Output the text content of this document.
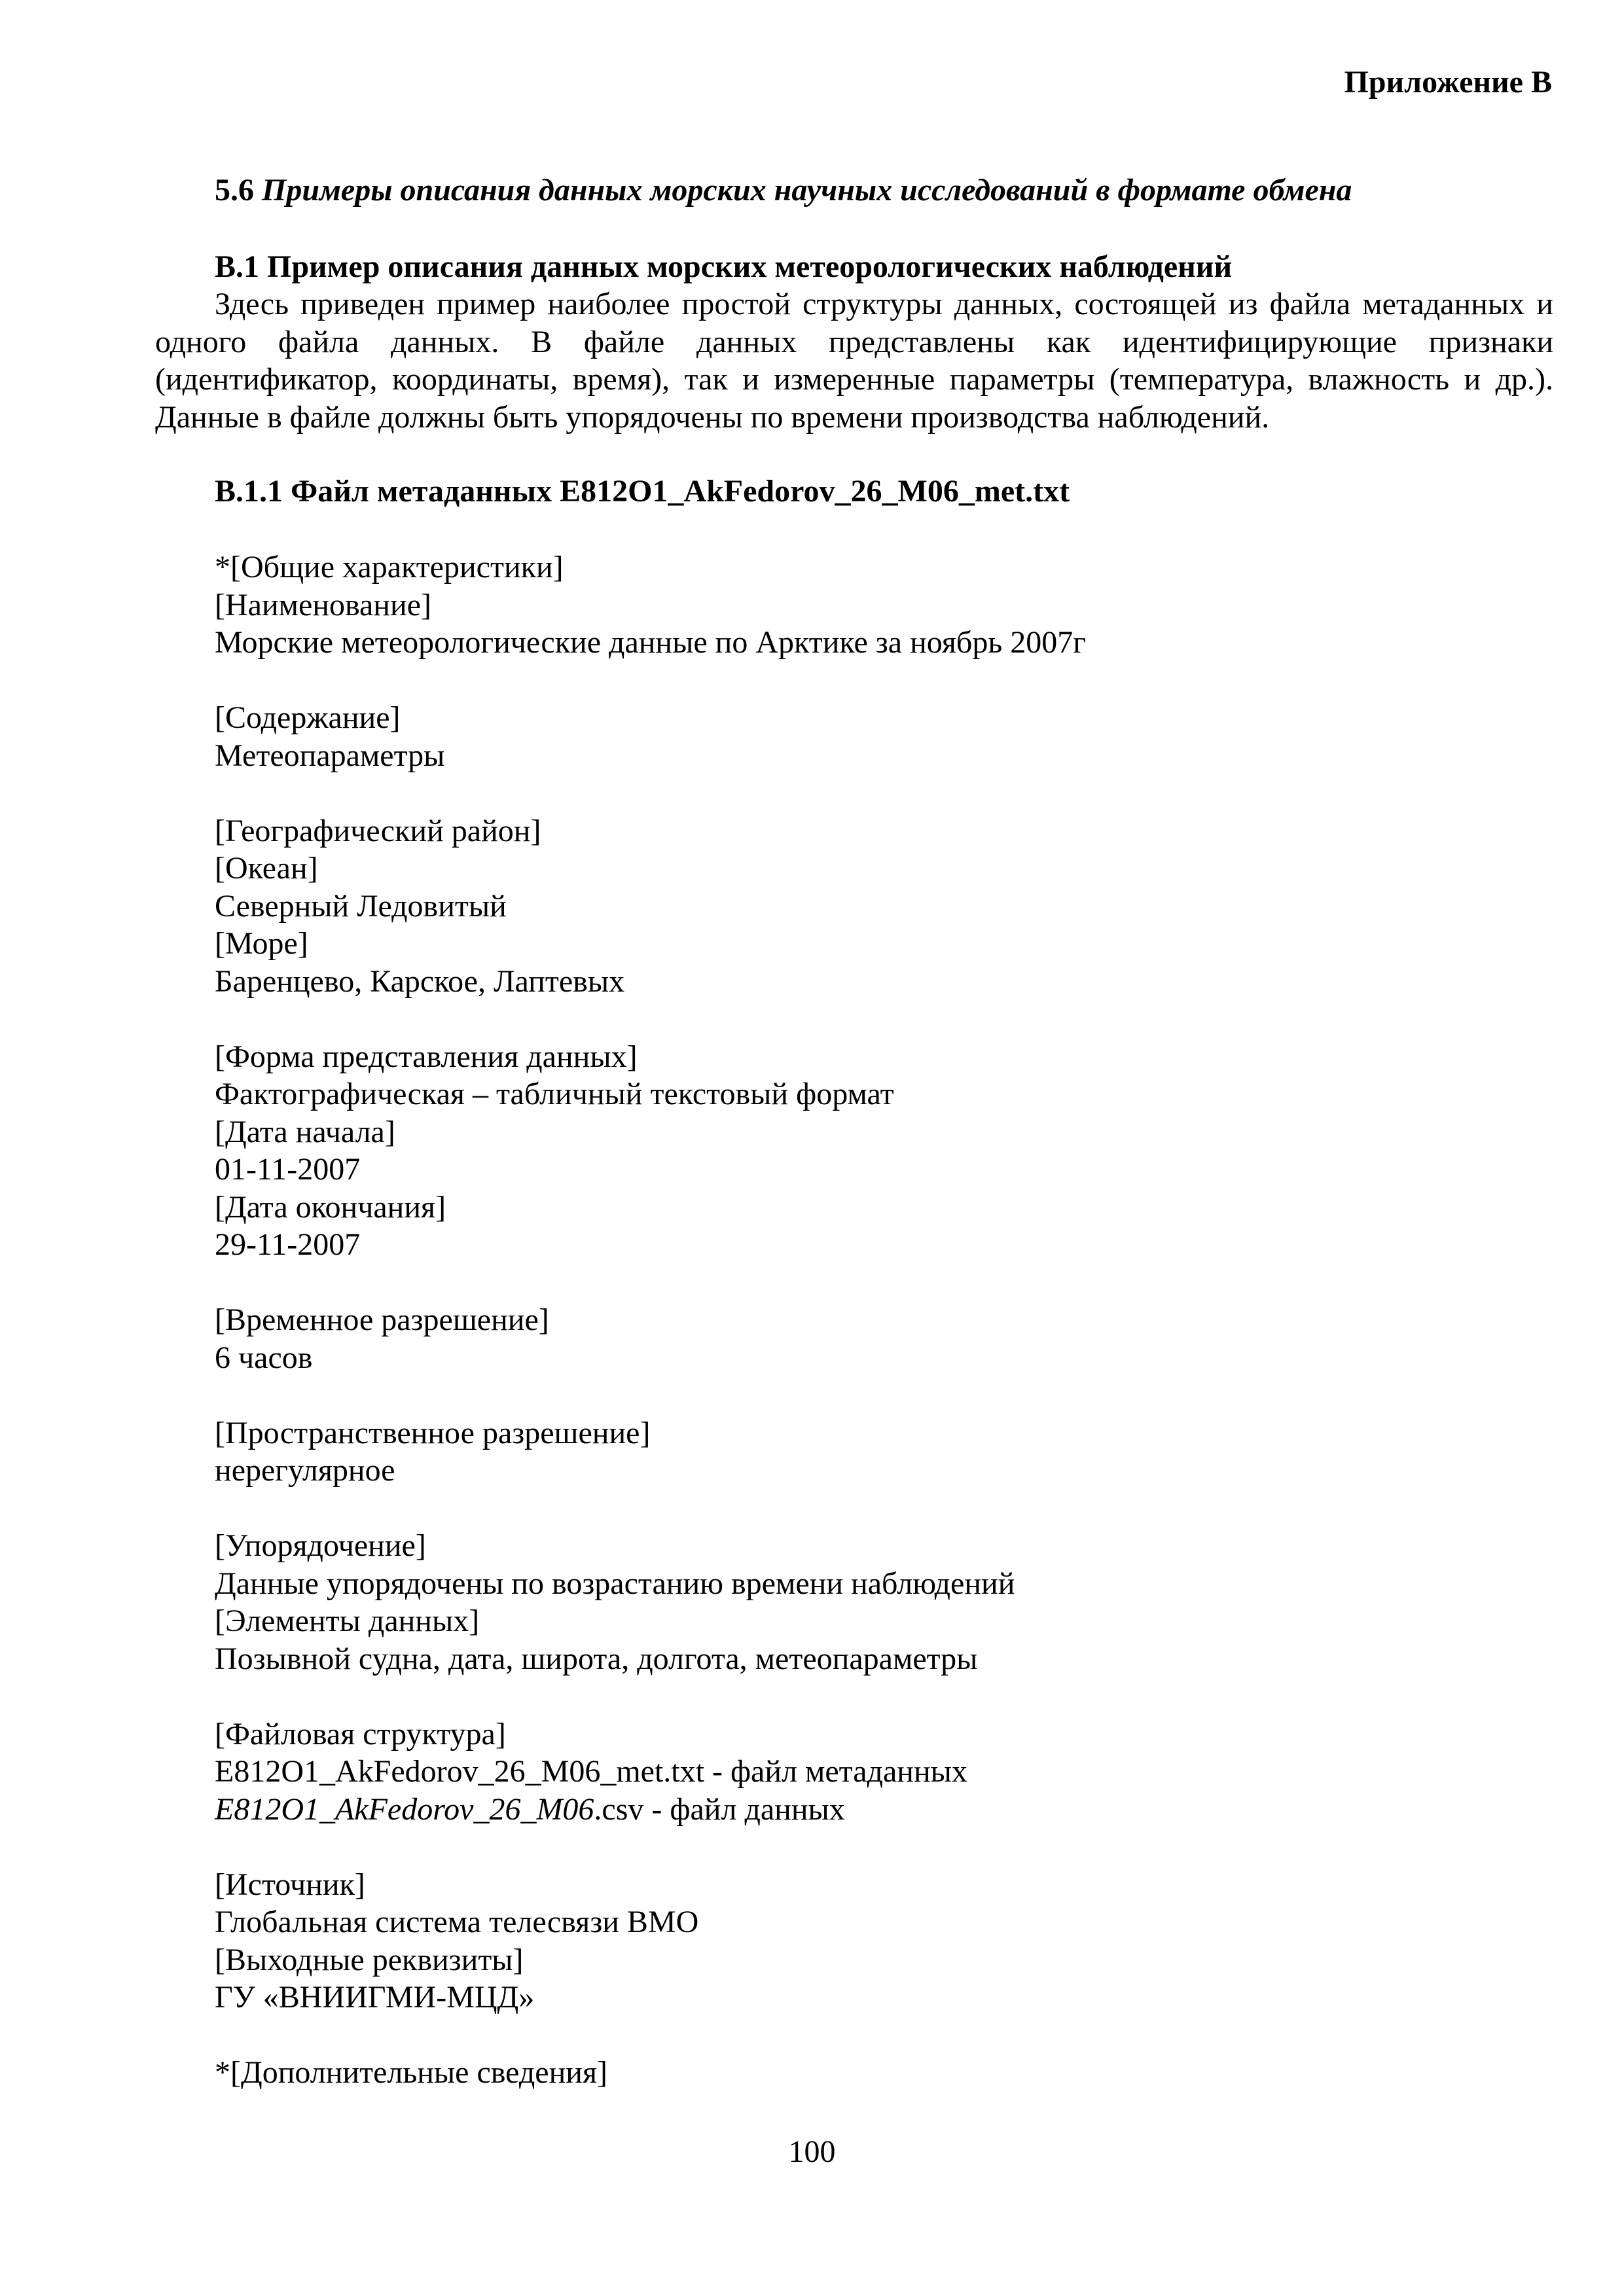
Приложение В
5.6 Примеры описания данных морских научных исследований в формате обмена
В.1 Пример описания данных морских метеорологических наблюдений
Здесь приведен пример наиболее простой структуры данных, состоящей из файла метаданных и одного файла данных. В файле данных представлены как идентифицирующие признаки (идентификатор, координаты, время), так и измеренные параметры (температура, влажность и др.). Данные в файле должны быть упорядочены по времени производства наблюдений.
В.1.1 Файл метаданных E812O1_AkFedorov_26_M06_met.txt
*[Общие характеристики]
[Наименование]
Морские метеорологические данные по Арктике за ноябрь 2007г
[Содержание]
Метеопараметры
[Географический район]
[Океан]
Северный Ледовитый
[Море]
Баренцево, Карское, Лаптевых
[Форма представления данных]
Фактографическая – табличный текстовый формат
[Дата начала]
01-11-2007
[Дата окончания]
29-11-2007
[Временное разрешение]
6 часов
[Пространственное разрешение]
нерегулярное
[Упорядочение]
Данные упорядочены по возрастанию времени наблюдений
[Элементы данных]
Позывной судна, дата, широта, долгота, метеопараметры
[Файловая структура]
E812O1_AkFedorov_26_M06_met.txt - файл метаданных
E812O1_AkFedorov_26_M06.csv - файл данных
[Источник]
Глобальная система телесвязи ВМО
[Выходные реквизиты]
ГУ «ВНИИГМИ-МЦД»
*[Дополнительные сведения]
100
